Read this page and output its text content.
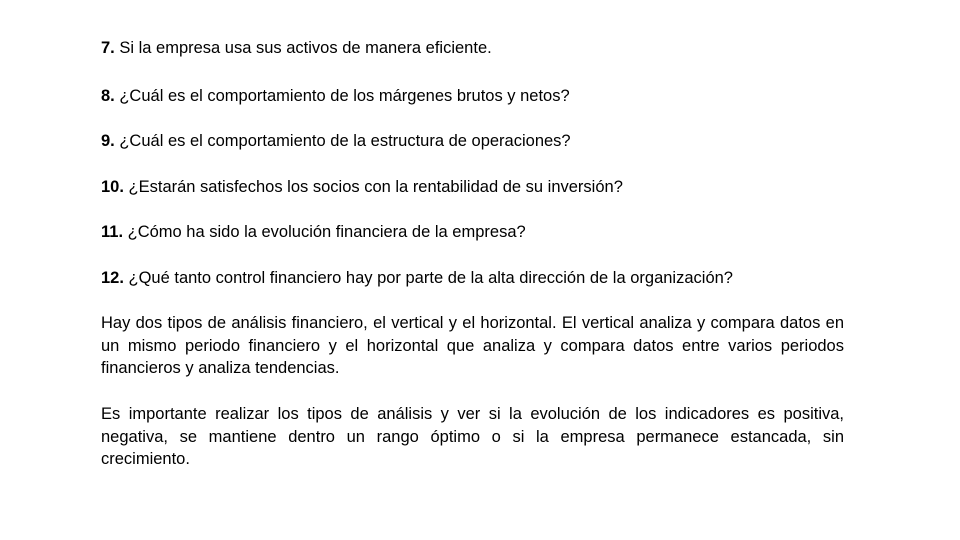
7. Si la empresa usa sus activos de manera eficiente.

8. ¿Cuál es el comportamiento de los márgenes brutos y netos?

9. ¿Cuál es el comportamiento de la estructura de operaciones?

10. ¿Estarán satisfechos los socios con la rentabilidad de su inversión?

11. ¿Cómo ha sido la evolución financiera de la empresa?

12. ¿Qué tanto control financiero hay por parte de la alta dirección de la organización?

Hay dos tipos de análisis financiero, el vertical y el horizontal. El vertical analiza y compara datos en un mismo periodo financiero y el horizontal que analiza y compara datos entre varios periodos financieros y analiza tendencias.

Es importante realizar los tipos de análisis y ver si la evolución de los indicadores es positiva, negativa, se mantiene dentro un rango óptimo o si la empresa permanece estancada, sin crecimiento.
